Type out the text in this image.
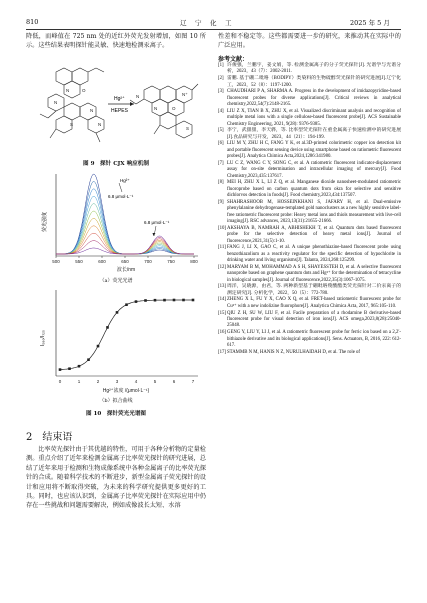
810	辽　宁　化　工	2025 年 5 月

降低，而峰值在 725 nm 处的近红外荧光发射增加，如图 10 所示。这些结果表明探针能灵敏、快速地检测汞离子。

N	O
N
N
S	N
N	O
S
N	N⁺
Hg²⁺
HEPES
图 9　探针 CJX 响应机制
500	550	600	650	700	750	800
波长/nm
荧光强度
Hg²⁺
6.8 μmol·L⁻¹
6.8 μmol·L⁻¹
（a）荧光光谱
0	1	2	3	4	5	6	7
Hg²⁺浓度 /(μmol·L⁻¹)
I₅₈₀/I₇₂₅
（b）拟合曲线
图 10　探针荧光光谱图
2　结束语

比率荧光探针由于其优越的特性，可用于各种分析物的定量检测。重点介绍了近年来检测金属离子比率荧光探针的研究进展，总结了近年来用于检测和生物成像系统中各种金属离子的比率荧光探针的合成。随着科学技术的不断进步，新型金属离子荧光探针的设计和应用将不断取得突破，为未来的科学研究提供更多更好的工具。同时，也应该认识到，金属离子比率荧光探针在实际应用中仍存在一些挑战和问题需要解决，例如成像波长太短、水溶

性差和不稳定等。这些都需要进一步的研究，来推动其在实际中的广泛应用。

参考文献：
[1] 许俊强，兰鹏宇，姜文娟，等. 检测金属离子的分子荧光探针[J]. 光谱学与光谱分析，2023，43（7）：2002-2011.
[2] 雷鹏. 基于硼二吡咯（BODIPY）类染料的生物硫醇荧光探针的研究进展[J].辽宁化工，2023，52（8）：1197-1200.
[3] CHAUDHARI P A, SHARMA A. Progress in the development of imidazopyridine-based fluorescent probes for diverse applications[J]. Critical reviews in analytical chemistry,2022,54(7):2148-2165.
[4] LIU Z X, TIAN B X, ZHU X, et al. Visualized discriminant analysis and recognition of multiple metal ions with a single cellulose-based fluorescent probe[J]. ACS Sustainable Chemistry Engineering, 2021, 9(28): 9376-9385.
[5] 李宁，武甜甜，李天骅，等. 比率型荧光探针在重金属离子快速检测中的研究进展[J].食品研究与开发，2023，44（21）：194-199.
[6] LIU M Y, ZHU H C, FANG Y K, et al.3D-printed colorimetric copper ion detection kit and portable fluorescent sensing device using smartphone based on ratiometric fluorescent probes[J]. Analytica Chimica Acta,2024,1286:341980.
[7] LU C Z, WANG C Y, SONG C, et al. A ratiometric fluorescent indicator-displacement assay for on-site determination and intracellular imaging of mercury[J]. Food Chemistry,2023,435:137617.
[8] MEI H, ZHU X L, LI Z Q, et al. Manganese dioxide nanosheet-modulated ratiometric fluoroprobe based on carbon quantum dots from okra for selective and sensitive dichlorvos detection in foods[J]. Food chemistry,2023,434:137507.
[9] SHAHRASHOOB M, HOSSEINKHANI S, JAFARY H, et al. Dual-emissive phenylalanine dehydrogenase-templated gold nanoclusters as a new highly sensitive label-free ratiometric fluorescent probe: Heavy metal ions and thiols measurement with live-cell imaging[J]. RSC advances, 2023,13(31):21655-21666.
[10] AKSHAYA B, NAMRAH A, ABHISHEKH T, et al. Quantum dots based fluorescent probe for the selective detection of heavy metal ions[J]. Journal of fluorescence,2021,31(5):1-10.
[11] FANG J, LI X, GAO C, et al. A unique phenothiazine-based fluorescent probe using benzothiazolium as a reactivity regulator for the specific detection of hypochlorite in drinking water and living organisms[J]. Talanta, 2024,268:125299.
[12] MARYAM B M, MOHAMMAD A S H, SHAYESSTEH D, et al. A selective fluorescent nanoprobe based on graphene quantum dots and Hg²⁺ for the determination of tetracycline in biological samples[J]. Journal of fluorescence,2022,35(3):1067-1075.
[13] 周洋，吴晓源，由君，等. 两种新型基于硼吡咯羧酸酯类荧光探针对二价汞离子的测定研究[J]. 分析化学，2022，50（5）：772-780.
[14] ZHENG X L, FU Y X, CAO X Q, et al. FRET-based ratiometric fluorescent probe for Cu²⁺ with a new indolizine fluorophore[J]. Analytica Chimica Acta, 2017, 965:105-110.
[15] QIU Z H, SU W, LIU F, et al. Facile preparation of a rhodamine B derivative-based fluorescent probe for visual detection of iron ions[J]. ACS omega,2023,8(28):25040-25048.
[16] GENG Y, LIU Y, LI J, et al. A ratiometric fluorescent probe for ferric ion based on a 2,2′-bithiazole derivative and its biological applications[J]. Sens. Actuators, B, 2016, 222: 612-617.
[17] STAMMB N M, HANIS N Z, NURULHAIDAH D, et al. The role of
